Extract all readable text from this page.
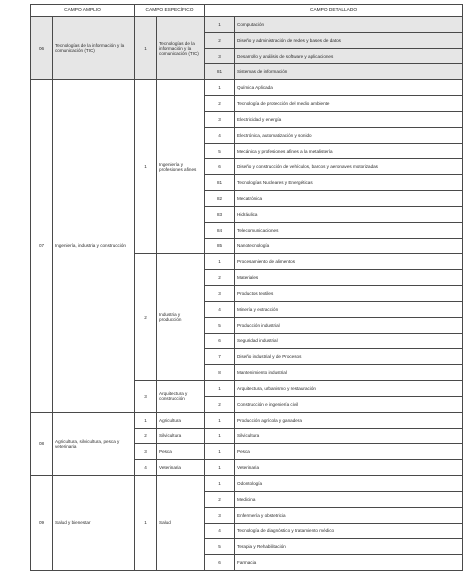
CAMPO AMPLIO		CAMPO ESPECÍFICO		CAMPO DETALLADO	
06	Tecnologías de la información y la comunicación (TIC)	1	Tecnologías de la información y la comunicación (TIC)	1	Computación
				2	Diseño y administración de redes y bases de datos
				3	Desarrollo y análisis de software y aplicaciones
				81	Sistemas de información
07	Ingeniería, industria y construcción	1	Ingeniería y profesiones afines	1	Química Aplicada
				2	Tecnología de protección del medio ambiente
				3	Electricidad y energía
				4	Electrónica, automatización y sonido
				5	Mecánica y profesiones afines a la metalistería
				6	Diseño y construcción de vehículos, barcos y aeronaves motorizadas
				81	Tecnologías Nucleares y Energéticas
				82	Mecatrónica
				83	Hidráulica
				84	Telecomunicaciones
				85	Nanotecnología
		2	Industria y producción	1	Procesamiento de alimentos
				2	Materiales
				3	Productos textiles
				4	Minería y extracción
				5	Producción industrial
				6	Seguridad industrial
				7	Diseño industrial y de Procesos
				8	Mantenimiento industrial
		3	Arquitectura y construcción	1	Arquitectura, urbanismo y restauración
				2	Construcción e ingeniería civil
08	Agricultura, silvicultura, pesca y veterinaria	1	Agricultura	1	Producción agrícola y ganadera
		2	Silvicultura	1	Silvicultura
		3	Pesca	1	Pesca
		4	Veterinaria	1	Veterinaria
09	Salud y bienestar	1	Salud	1	Odontología
				2	Medicina
				3	Enfermería y obstetricia
				4	Tecnología de diagnóstico y tratamiento médico
				5	Terapia y Rehabilitación
				6	Farmacia
